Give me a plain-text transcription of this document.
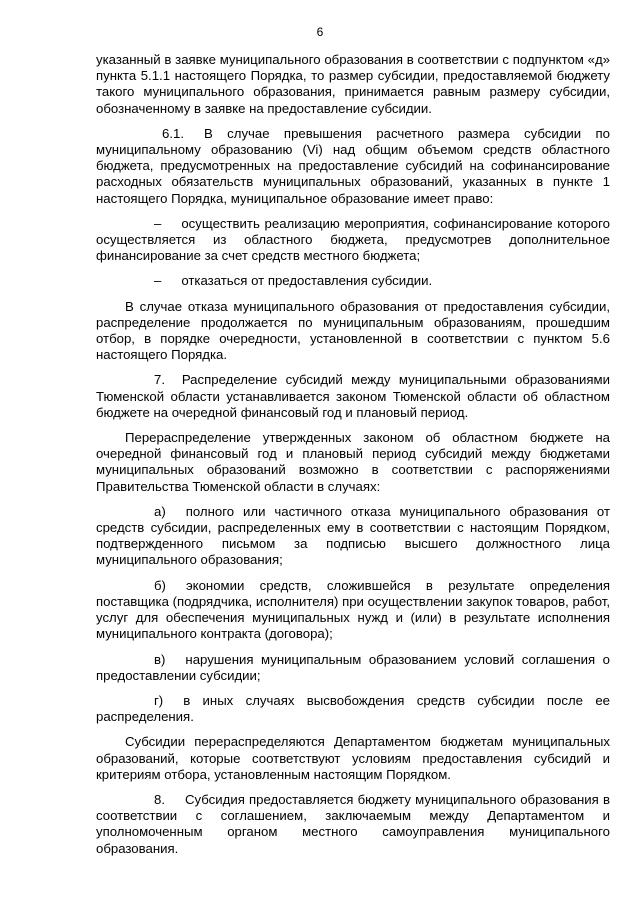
6

указанный в заявке муниципального образования в соответствии с подпунктом «д» пункта 5.1.1 настоящего Порядка, то размер субсидии, предоставляемой бюджету такого муниципального образования, принимается равным размеру субсидии, обозначенному в заявке на предоставление субсидии.

6.1. В случае превышения расчетного размера субсидии по муниципальному образованию (Vi) над общим объемом средств областного бюджета, предусмотренных на предоставление субсидий на софинансирование расходных обязательств муниципальных образований, указанных в пункте 1 настоящего Порядка, муниципальное образование имеет право:

– осуществить реализацию мероприятия, софинансирование которого осуществляется из областного бюджета, предусмотрев дополнительное финансирование за счет средств местного бюджета;

– отказаться от предоставления субсидии.

В случае отказа муниципального образования от предоставления субсидии, распределение продолжается по муниципальным образованиям, прошедшим отбор, в порядке очередности, установленной в соответствии с пунктом 5.6 настоящего Порядка.

7. Распределение субсидий между муниципальными образованиями Тюменской области устанавливается законом Тюменской области об областном бюджете на очередной финансовый год и плановый период.

Перераспределение утвержденных законом об областном бюджете на очередной финансовый год и плановый период субсидий между бюджетами муниципальных образований возможно в соответствии с распоряжениями Правительства Тюменской области в случаях:

а) полного или частичного отказа муниципального образования от средств субсидии, распределенных ему в соответствии с настоящим Порядком, подтвержденного письмом за подписью высшего должностного лица муниципального образования;

б) экономии средств, сложившейся в результате определения поставщика (подрядчика, исполнителя) при осуществлении закупок товаров, работ, услуг для обеспечения муниципальных нужд и (или) в результате исполнения муниципального контракта (договора);

в) нарушения муниципальным образованием условий соглашения о предоставлении субсидии;

г) в иных случаях высвобождения средств субсидии после ее распределения.

Субсидии перераспределяются Департаментом бюджетам муниципальных образований, которые соответствуют условиям предоставления субсидий и критериям отбора, установленным настоящим Порядком.

8. Субсидия предоставляется бюджету муниципального образования в соответствии с соглашением, заключаемым между Департаментом и уполномоченным органом местного самоуправления муниципального образования.
